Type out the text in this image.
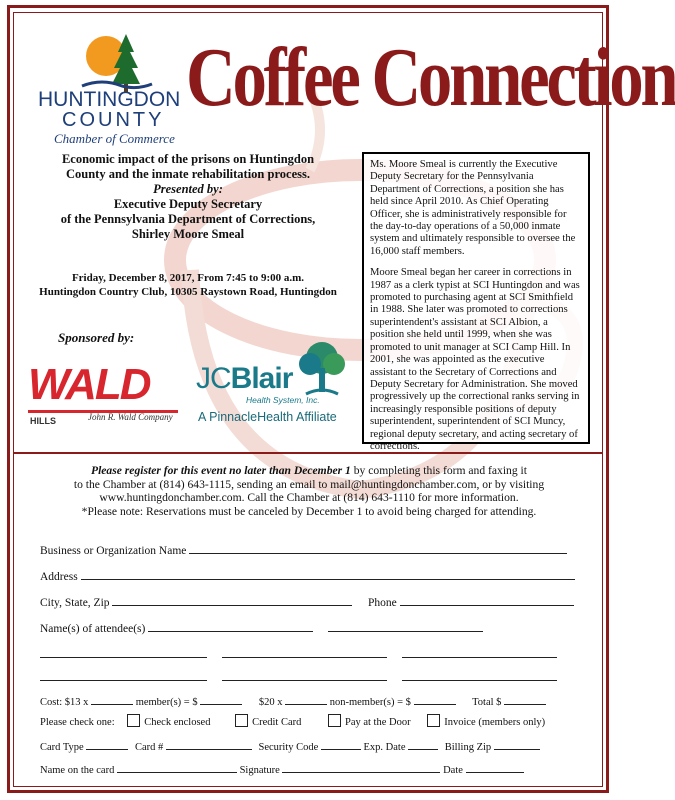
HUNTINGDON
COUNTY
Chamber of Commerce
Coffee Connection
Economic impact of the prisons on Huntingdon
County and the inmate rehabilitation process.
Presented by:
Executive Deputy Secretary
of the Pennsylvania Department of Corrections,
Shirley Moore Smeal
Friday, December 8, 2017, From 7:45 to 9:00 a.m.
Huntingdon Country Club, 10305 Raystown Road, Huntingdon
Sponsored by:
WALD
HILLS	John R. Wald Company
JCBlair
Health System, Inc.
A PinnacleHealth Affiliate

Ms. Moore Smeal is currently the Executive Deputy Secretary for the Pennsylvania Department of Corrections, a position she has held since April 2010. As Chief Operating Officer, she is administratively responsible for the day-to-day operations of a 50,000 inmate system and ultimately responsible to oversee the 16,000 staff members.

Moore Smeal began her career in corrections in 1987 as a clerk typist at SCI Huntingdon and was promoted to purchasing agent at SCI Smithfield in 1988. She later was promoted to corrections superintendent's assistant at SCI Albion, a position she held until 1999, when she was promoted to unit manager at SCI Camp Hill. In 2001, she was appointed as the executive assistant to the Secretary of Corrections and Deputy Secretary for Administration. She moved progressively up the correctional ranks serving in increasingly responsible positions of deputy superintendent, superintendent of SCI Muncy, regional deputy secretary, and acting secretary of corrections.

Please register for this event no later than December 1 by completing this form and faxing it
to the Chamber at (814) 643-1115, sending an email to mail@huntingdonchamber.com, or by visiting
www.huntingdonchamber.com. Call the Chamber at (814) 643-1110 for more information.
*Please note: Reservations must be canceled by December 1 to avoid being charged for attending.
Business or Organization Name
Address
City, State, Zip	Phone
Name(s) of attendee(s)

Cost: $13 x	member(s) = $	$20 x	non-member(s) = $	Total $
Please check one:	Check enclosed	Credit Card	Pay at the Door	Invoice (members only)
Card Type	Card #	Security Code	Exp. Date	Billing Zip
Name on the card	Signature	Date
